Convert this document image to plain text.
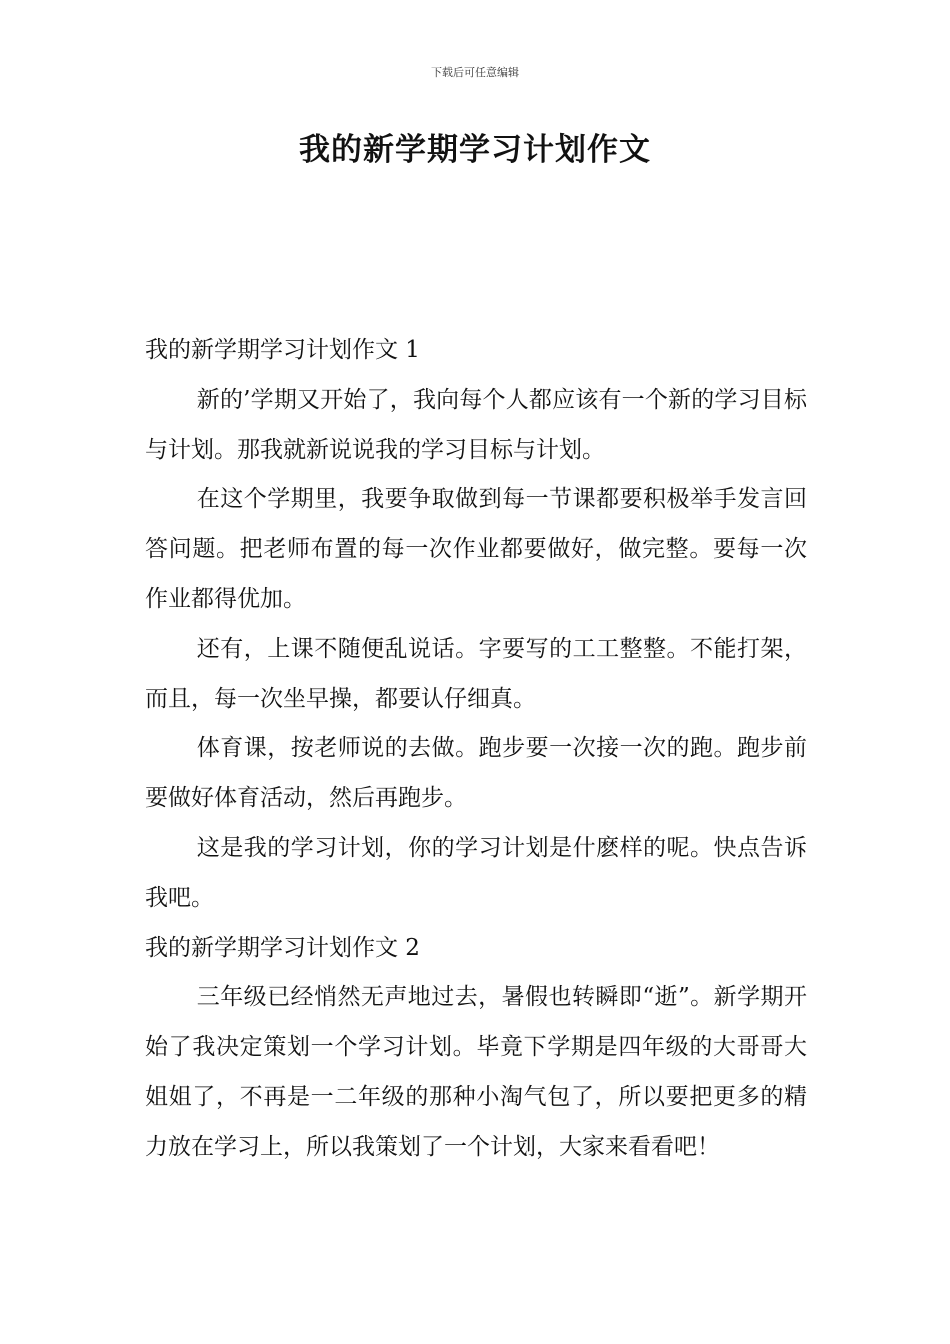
下载后可任意编辑
我的新学期学习计划作文

我的新学期学习计划作文 1

新的’学期又开始了，我向每个人都应该有一个新的学习目标与计划。那我就新说说我的学习目标与计划。

在这个学期里，我要争取做到每一节课都要积极举手发言回答问题。把老师布置的每一次作业都要做好，做完整。要每一次作业都得优加。

还有，上课不随便乱说话。字要写的工工整整。不能打架，而且，每一次坐早操，都要认仔细真。

体育课，按老师说的去做。跑步要一次接一次的跑。跑步前要做好体育活动，然后再跑步。

这是我的学习计划，你的学习计划是什麽样的呢。快点告诉我吧。

我的新学期学习计划作文 2

三年级已经悄然无声地过去，暑假也转瞬即“逝”。新学期开始了我决定策划一个学习计划。毕竟下学期是四年级的大哥哥大姐姐了，不再是一二年级的那种小淘气包了，所以要把更多的精力放在学习上，所以我策划了一个计划，大家来看看吧！
